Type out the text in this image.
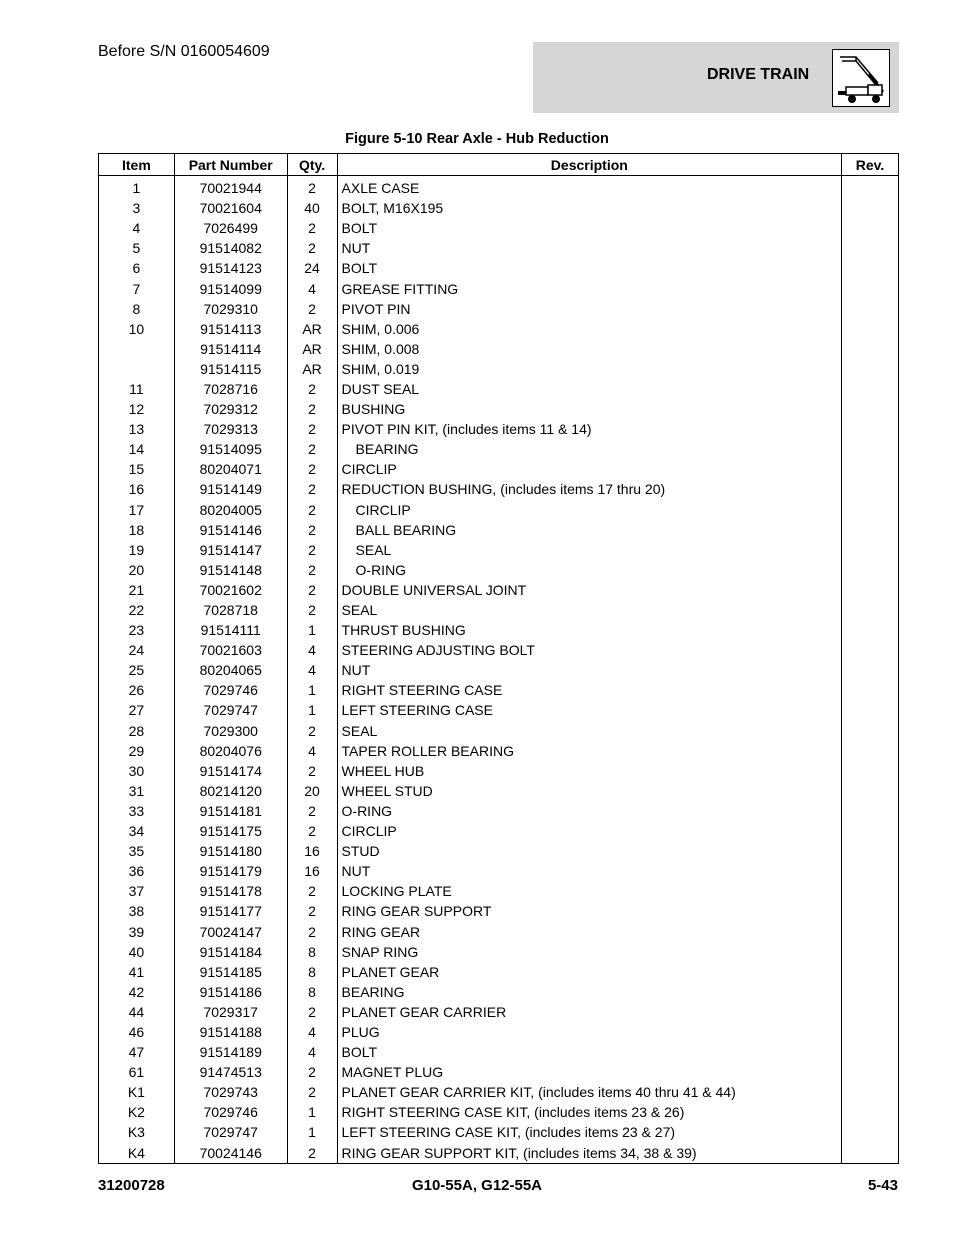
Before S/N 0160054609
DRIVE TRAIN
Figure 5-10 Rear Axle - Hub Reduction
Item	Part Number	Qty.	Description	Rev.
1	70021944	2	AXLE CASE	
3	70021604	40	BOLT, M16X195	
4	7026499	2	BOLT	
5	91514082	2	NUT	
6	91514123	24	BOLT	
7	91514099	4	GREASE FITTING	
8	7029310	2	PIVOT PIN	
10	91514113	AR	SHIM, 0.006	
	91514114	AR	SHIM, 0.008	
	91514115	AR	SHIM, 0.019	
11	7028716	2	DUST SEAL	
12	7029312	2	BUSHING	
13	7029313	2	PIVOT PIN KIT, (includes items 11 & 14)	
14	91514095	2	BEARING	
15	80204071	2	CIRCLIP	
16	91514149	2	REDUCTION BUSHING, (includes items 17 thru 20)	
17	80204005	2	CIRCLIP	
18	91514146	2	BALL BEARING	
19	91514147	2	SEAL	
20	91514148	2	O-RING	
21	70021602	2	DOUBLE UNIVERSAL JOINT	
22	7028718	2	SEAL	
23	91514111	1	THRUST BUSHING	
24	70021603	4	STEERING ADJUSTING BOLT	
25	80204065	4	NUT	
26	7029746	1	RIGHT STEERING CASE	
27	7029747	1	LEFT STEERING CASE	
28	7029300	2	SEAL	
29	80204076	4	TAPER ROLLER BEARING	
30	91514174	2	WHEEL HUB	
31	80214120	20	WHEEL STUD	
33	91514181	2	O-RING	
34	91514175	2	CIRCLIP	
35	91514180	16	STUD	
36	91514179	16	NUT	
37	91514178	2	LOCKING PLATE	
38	91514177	2	RING GEAR SUPPORT	
39	70024147	2	RING GEAR	
40	91514184	8	SNAP RING	
41	91514185	8	PLANET GEAR	
42	91514186	8	BEARING	
44	7029317	2	PLANET GEAR CARRIER	
46	91514188	4	PLUG	
47	91514189	4	BOLT	
61	91474513	2	MAGNET PLUG	
K1	7029743	2	PLANET GEAR CARRIER KIT, (includes items 40 thru 41 & 44)	
K2	7029746	1	RIGHT STEERING CASE KIT, (includes items 23 & 26)	
K3	7029747	1	LEFT STEERING CASE KIT, (includes items 23 & 27)	
K4	70024146	2	RING GEAR SUPPORT KIT, (includes items 34, 38 & 39)	
31200728	G10-55A, G12-55A	5-43
